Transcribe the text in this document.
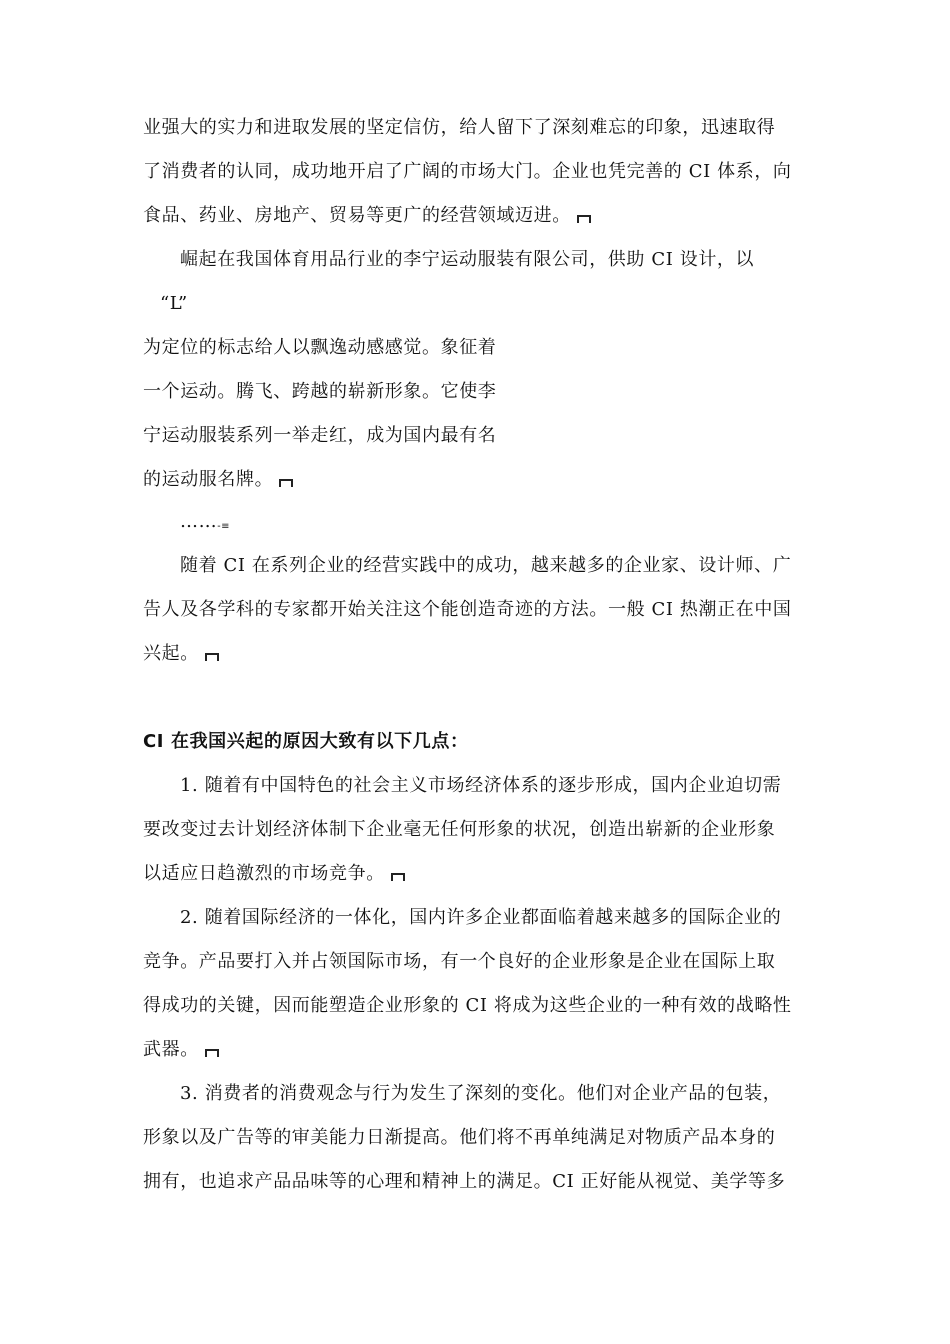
业强大的实力和进取发展的坚定信仿，给人留下了深刻难忘的印象，迅速取得
了消费者的认同，成功地开启了广阔的市场大门。企业也凭完善的 CI 体系，向
食品、药业、房地产、贸易等更广的经营领域迈进。
崛起在我国体育用品行业的李宁运动服装有限公司，供助 CI 设计，以
“L”
为定位的标志给人以飘逸动感感觉。象征着
一个运动。腾飞、跨越的崭新形象。它使李
宁运动服装系列一举走红，成为国内最有名
的运动服名牌。
……-≡
随着 CI 在系列企业的经营实践中的成功，越来越多的企业家、设计师、广
告人及各学科的专家都开始关注这个能创造奇迹的方法。一般 CI 热潮正在中国
兴起。
CI 在我国兴起的原因大致有以下几点：
1. 随着有中国特色的社会主义市场经济体系的逐步形成，国内企业迫切需
要改变过去计划经济体制下企业毫无任何形象的状况，创造出崭新的企业形象
以适应日趋激烈的市场竞争。
2. 随着国际经济的一体化，国内许多企业都面临着越来越多的国际企业的
竞争。产品要打入并占领国际市场，有一个良好的企业形象是企业在国际上取
得成功的关键，因而能塑造企业形象的 CI 将成为这些企业的一种有效的战略性
武器。
3. 消费者的消费观念与行为发生了深刻的变化。他们对企业产品的包装，
形象以及广告等的审美能力日渐提高。他们将不再单纯满足对物质产品本身的
拥有，也追求产品品味等的心理和精神上的满足。CI 正好能从视觉、美学等多
